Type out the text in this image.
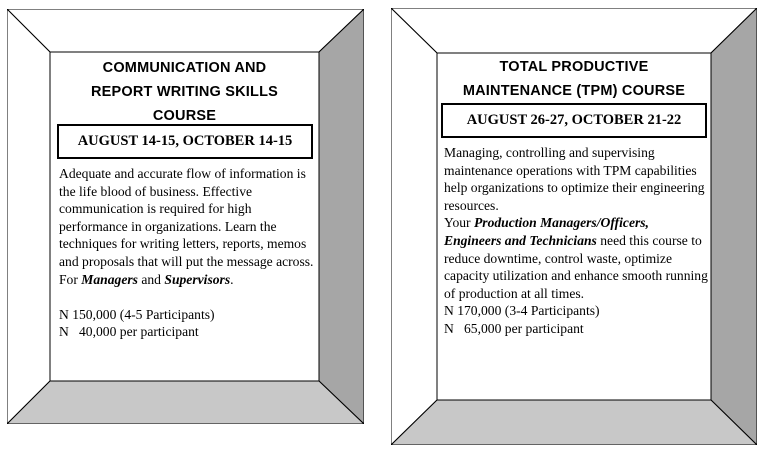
COMMUNICATION AND
REPORT WRITING SKILLS
COURSE
AUGUST 14-15, OCTOBER 14-15

Adequate and accurate flow of information is the life blood of business. Effective communication is required for high performance in organizations. Learn the techniques for writing letters, reports, memos and proposals that will put the message across. For Managers and Supervisors.

N 150,000 (4-5 Participants)

N   40,000 per participant

TOTAL PRODUCTIVE
MAINTENANCE (TPM) COURSE
AUGUST 26-27, OCTOBER 21-22

Managing, controlling and supervising maintenance operations with TPM capabilities help organizations to optimize their engineering resources.

Your Production Managers/Officers, Engineers and Technicians need this course to reduce downtime, control waste, optimize capacity utilization and enhance smooth running of production at all times.

N 170,000 (3-4 Participants)

N   65,000 per participant
